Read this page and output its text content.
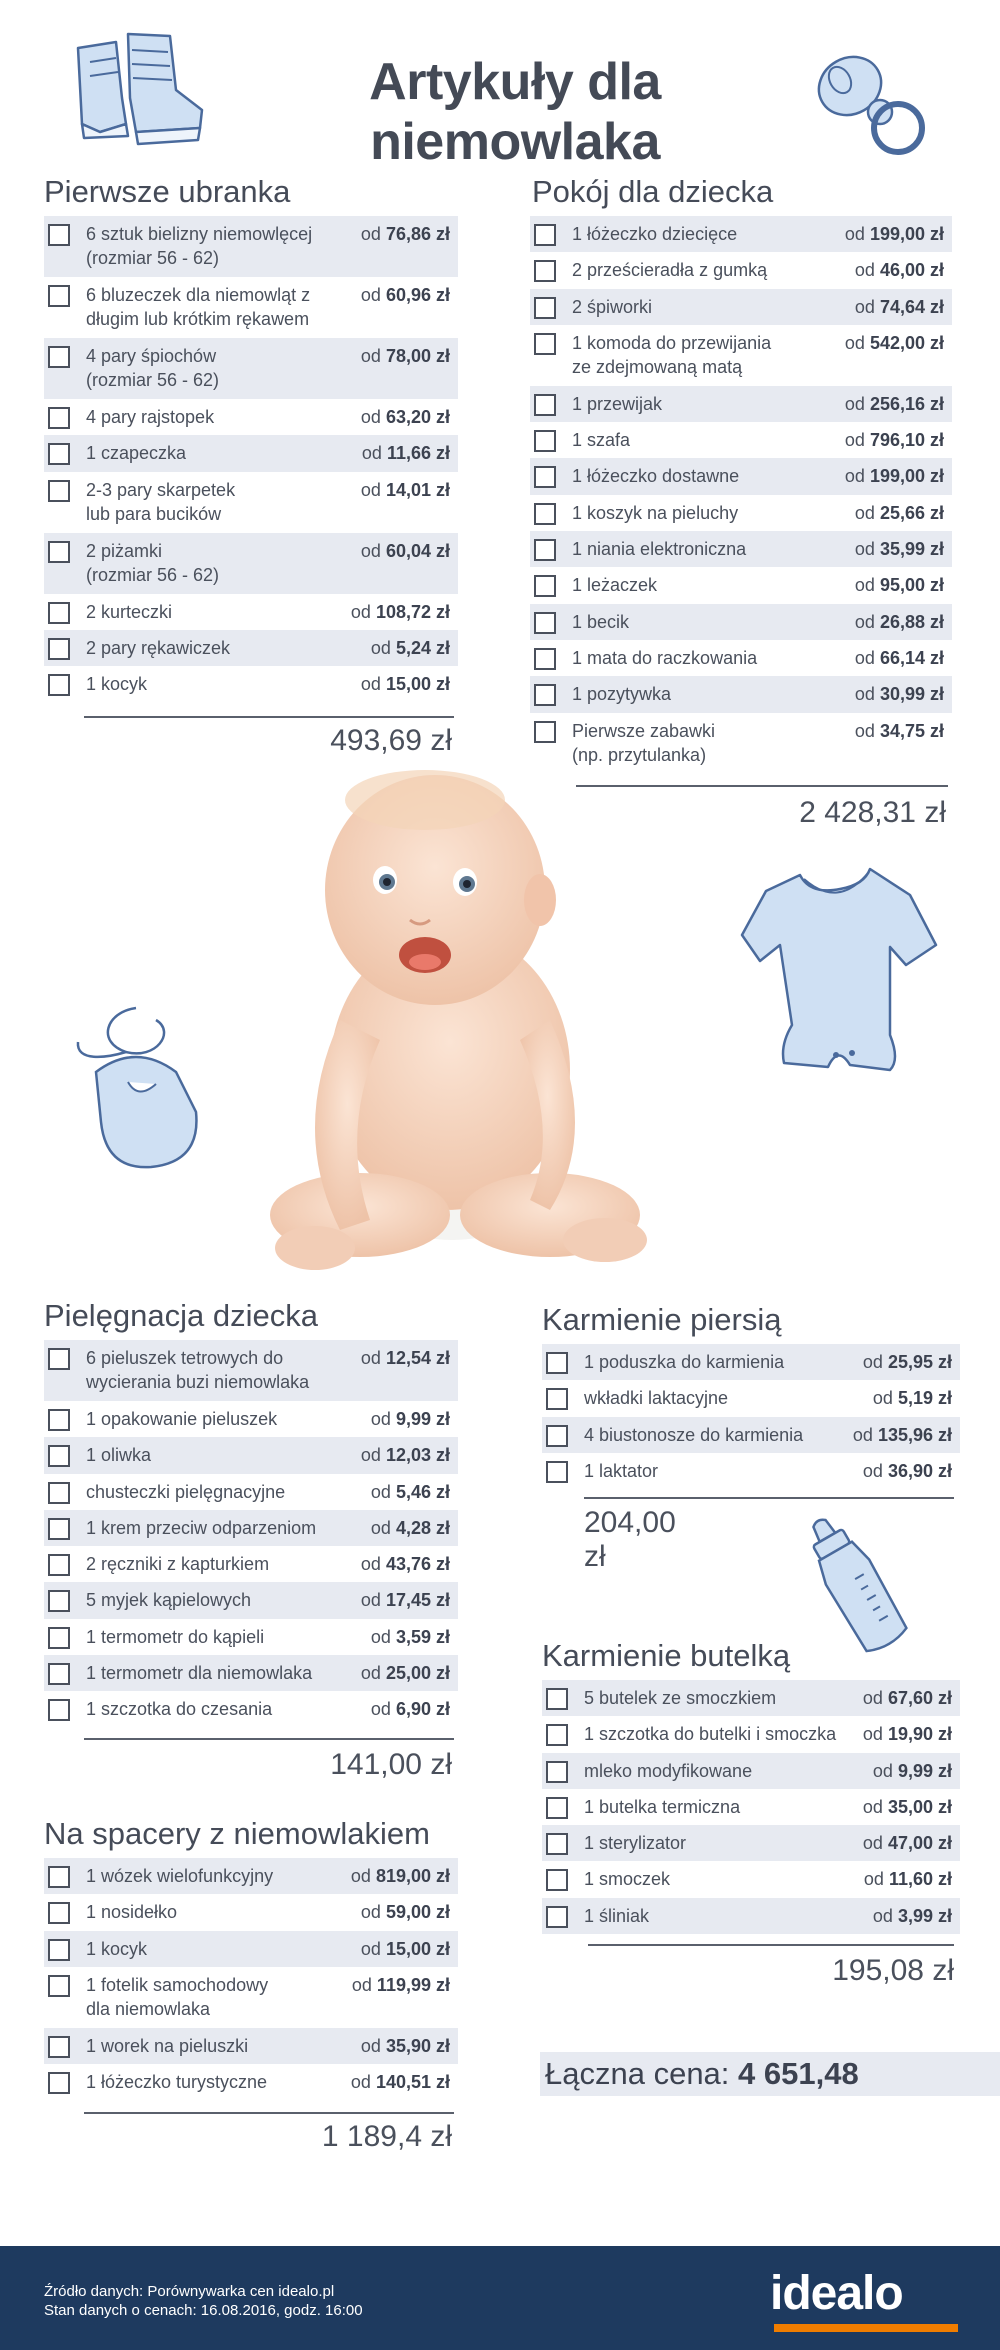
Artykuły dla niemowlaka
Pierwsze ubranka
6 sztuk bielizny niemowlęcej
(rozmiar 56 - 62)
od 76,86 zł
6 bluzeczek dla niemowląt z
długim lub krótkim rękawem
od 60,96 zł
4 pary śpiochów
(rozmiar 56 - 62)
od 78,00 zł
4 pary rajstopek	od 63,20 zł
1 czapeczka	od 11,66 zł
2-3 pary skarpetek
lub para bucików
od 14,01 zł
2 piżamki
(rozmiar 56 - 62)
od 60,04 zł
2 kurteczki	od 108,72 zł
2 pary rękawiczek	od 5,24 zł
1 kocyk	od 15,00 zł
493,69 zł
Pokój dla dziecka
1 łóżeczko dziecięce	od 199,00 zł
2 prześcieradła z gumką	od 46,00 zł
2 śpiworki	od 74,64 zł
1 komoda do przewijania
ze zdejmowaną matą
od 542,00 zł
1 przewijak	od 256,16 zł
1 szafa	od 796,10 zł
1 łóżeczko dostawne	od 199,00 zł
1 koszyk na pieluchy	od 25,66 zł
1 niania elektroniczna	od 35,99 zł
1 leżaczek	od 95,00 zł
1 becik	od 26,88 zł
1 mata do raczkowania	od 66,14 zł
1 pozytywka	od 30,99 zł
Pierwsze zabawki
(np. przytulanka)
od 34,75 zł
2 428,31 zł
Pielęgnacja dziecka
6 pieluszek tetrowych do
wycierania buzi niemowlaka
od 12,54 zł
1 opakowanie pieluszek	od 9,99 zł
1 oliwka	od 12,03 zł
chusteczki pielęgnacyjne	od 5,46 zł
1 krem przeciw odparzeniom	od 4,28 zł
2 ręczniki z kapturkiem	od 43,76 zł
5 myjek kąpielowych	od 17,45 zł
1 termometr do kąpieli	od 3,59 zł
1 termometr dla niemowlaka	od 25,00 zł
1 szczotka do czesania	od 6,90 zł
141,00 zł
Na spacery z niemowlakiem
1 wózek wielofunkcyjny	od 819,00 zł
1 nosidełko	od 59,00 zł
1 kocyk	od 15,00 zł
1 fotelik samochodowy
dla niemowlaka
od 119,99 zł
1 worek na pieluszki	od 35,90 zł
1 łóżeczko turystyczne	od 140,51 zł
1 189,4 zł
Karmienie piersią
1 poduszka do karmienia	od 25,95 zł
wkładki laktacyjne	od 5,19 zł
4 biustonosze do karmienia	od 135,96 zł
1 laktator	od 36,90 zł
204,00 zł
Karmienie butelką
5 butelek ze smoczkiem	od 67,60 zł
1 szczotka do butelki i smoczka	od 19,90 zł
mleko modyfikowane	od 9,99 zł
1 butelka termiczna	od 35,00 zł
1 sterylizator	od 47,00 zł
1 smoczek	od 11,60 zł
1 śliniak	od 3,99 zł
195,08 zł
Łączna cena: 4 651,48
Źródło danych: Porównywarka cen idealo.pl
Stan danych o cenach: 16.08.2016, godz. 16:00	idealo
